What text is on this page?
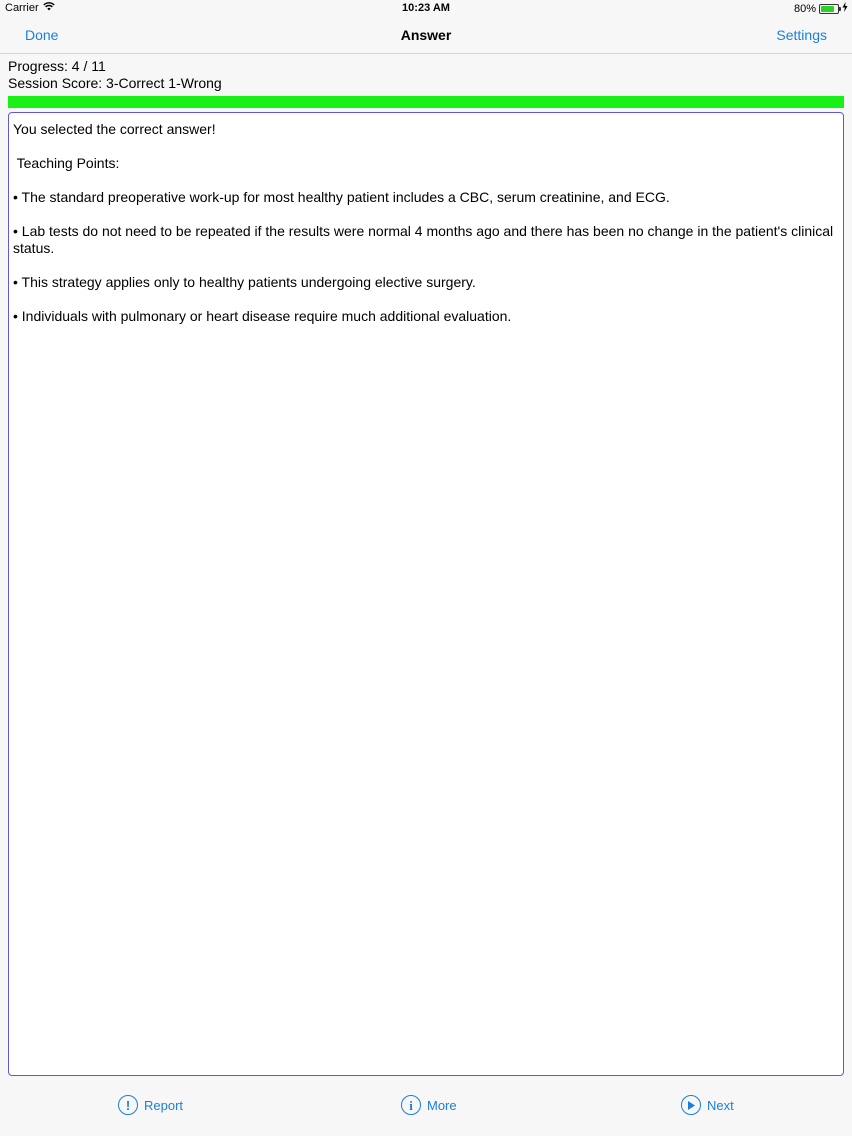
Carrier	10:23 AM	80%
Done	Answer	Settings
Progress: 4 / 11
Session Score: 3-Correct 1-Wrong

You selected the correct answer!

Teaching Points:

• The standard preoperative work-up for most healthy patient includes a CBC, serum creatinine, and ECG.

• Lab tests do not need to be repeated if the results were normal 4 months ago and there has been no change in the patient's clinical status.

• This strategy applies only to healthy patients undergoing elective surgery.

• Individuals with pulmonary or heart disease require much additional evaluation.

!	Report	i	More	Next
